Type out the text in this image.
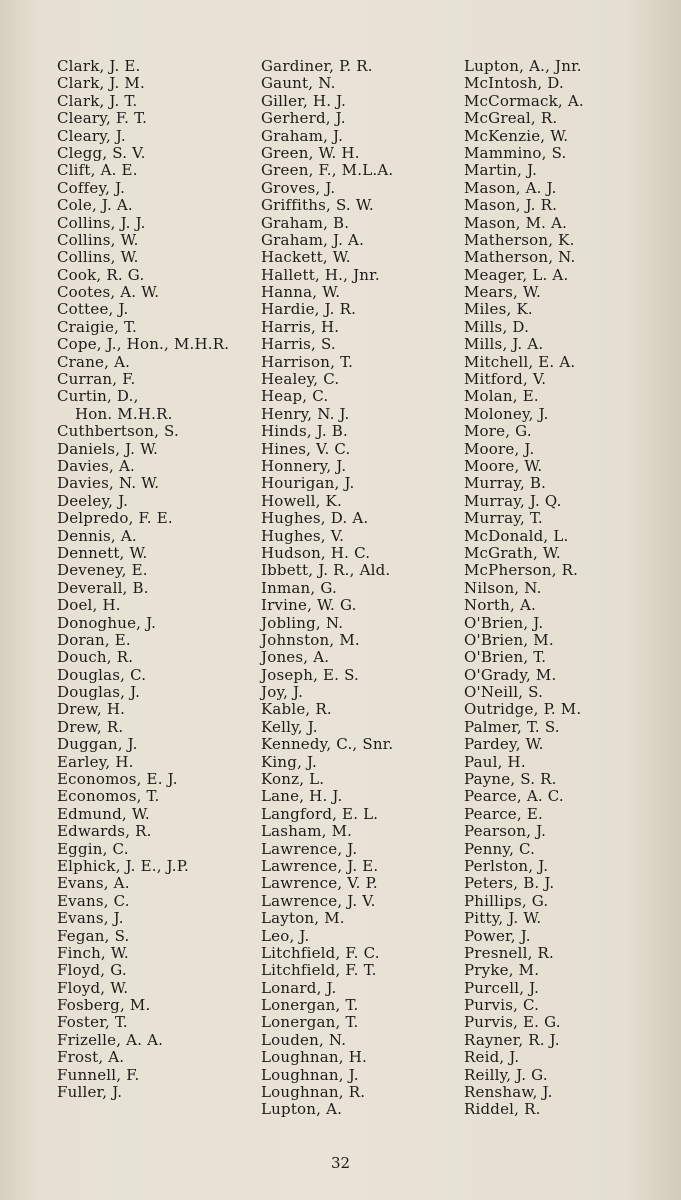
Clark, J. E.
Clark, J. M.
Clark, J. T.
Cleary, F. T.
Cleary, J.
Clegg, S. V.
Clift, A. E.
Coffey, J.
Cole, J. A.
Collins, J. J.
Collins, W.
Collins, W.
Cook, R. G.
Cootes, A. W.
Cottee, J.
Craigie, T.
Cope, J., Hon., M.H.R.
Crane, A.
Curran, F.
Curtin, D.,
Hon. M.H.R.
Cuthbertson, S.
Daniels, J. W.
Davies, A.
Davies, N. W.
Deeley, J.
Delpredo, F. E.
Dennis, A.
Dennett, W.
Deveney, E.
Deverall, B.
Doel, H.
Donoghue, J.
Doran, E.
Douch, R.
Douglas, C.
Douglas, J.
Drew, H.
Drew, R.
Duggan, J.
Earley, H.
Economos, E. J.
Economos, T.
Edmund, W.
Edwards, R.
Eggin, C.
Elphick, J. E., J.P.
Evans, A.
Evans, C.
Evans, J.
Fegan, S.
Finch, W.
Floyd, G.
Floyd, W.
Fosberg, M.
Foster, T.
Frizelle, A. A.
Frost, A.
Funnell, F.
Fuller, J.
Gardiner, P. R.
Gaunt, N.
Giller, H. J.
Gerherd, J.
Graham, J.
Green, W. H.
Green, F., M.L.A.
Groves, J.
Griffiths, S. W.
Graham, B.
Graham, J. A.
Hackett, W.
Hallett, H., Jnr.
Hanna, W.
Hardie, J. R.
Harris, H.
Harris, S.
Harrison, T.
Healey, C.
Heap, C.
Henry, N. J.
Hinds, J. B.
Hines, V. C.
Honnery, J.
Hourigan, J.
Howell, K.
Hughes, D. A.
Hughes, V.
Hudson, H. C.
Ibbett, J. R., Ald.
Inman, G.
Irvine, W. G.
Jobling, N.
Johnston, M.
Jones, A.
Joseph, E. S.
Joy, J.
Kable, R.
Kelly, J.
Kennedy, C., Snr.
King, J.
Konz, L.
Lane, H. J.
Langford, E. L.
Lasham, M.
Lawrence, J.
Lawrence, J. E.
Lawrence, V. P.
Lawrence, J. V.
Layton, M.
Leo, J.
Litchfield, F. C.
Litchfield, F. T.
Lonard, J.
Lonergan, T.
Lonergan, T.
Louden, N.
Loughnan, H.
Loughnan, J.
Loughnan, R.
Lupton, A.
Lupton, A., Jnr.
McIntosh, D.
McCormack, A.
McGreal, R.
McKenzie, W.
Mammino, S.
Martin, J.
Mason, A. J.
Mason, J. R.
Mason, M. A.
Matherson, K.
Matherson, N.
Meager, L. A.
Mears, W.
Miles, K.
Mills, D.
Mills, J. A.
Mitchell, E. A.
Mitford, V.
Molan, E.
Moloney, J.
More, G.
Moore, J.
Moore, W.
Murray, B.
Murray, J. Q.
Murray, T.
McDonald, L.
McGrath, W.
McPherson, R.
Nilson, N.
North, A.
O'Brien, J.
O'Brien, M.
O'Brien, T.
O'Grady, M.
O'Neill, S.
Outridge, P. M.
Palmer, T. S.
Pardey, W.
Paul, H.
Payne, S. R.
Pearce, A. C.
Pearce, E.
Pearson, J.
Penny, C.
Perlston, J.
Peters, B. J.
Phillips, G.
Pitty, J. W.
Power, J.
Presnell, R.
Pryke, M.
Purcell, J.
Purvis, C.
Purvis, E. G.
Rayner, R. J.
Reid, J.
Reilly, J. G.
Renshaw, J.
Riddel, R.
32
